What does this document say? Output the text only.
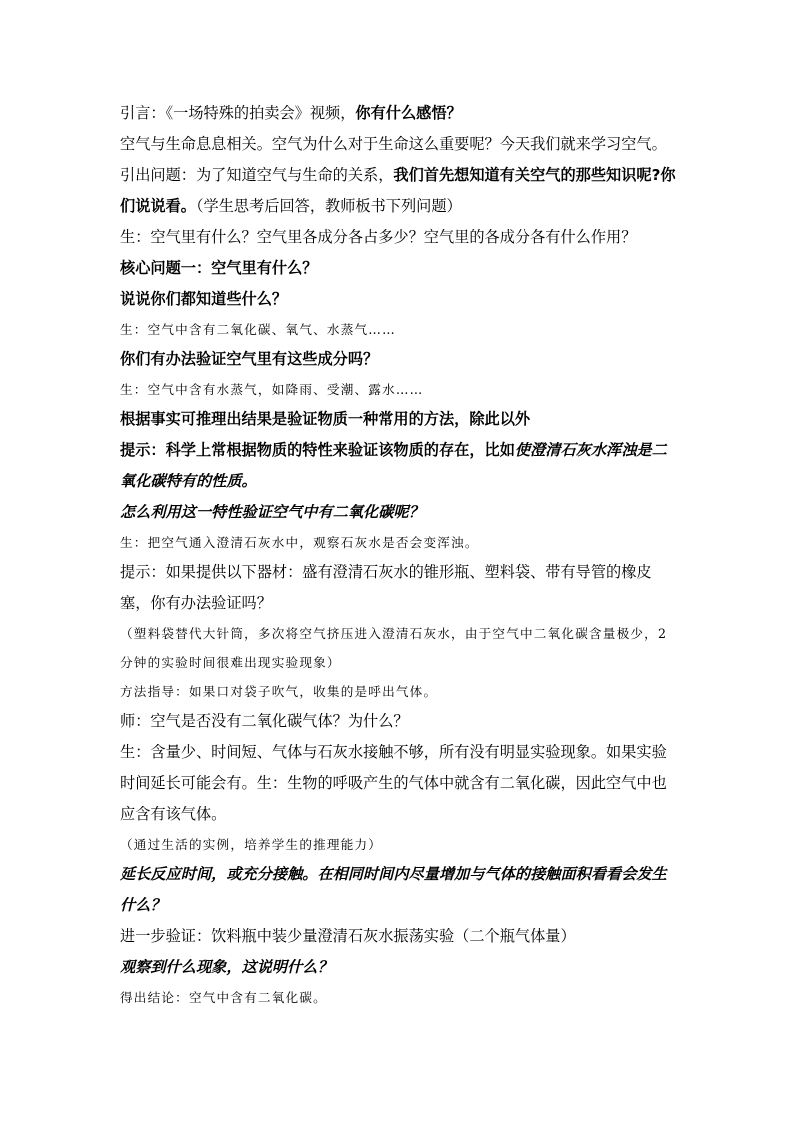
引言：《一场特殊的拍卖会》视频，你有什么感悟？

空气与生命息息相关。空气为什么对于生命这么重要呢？今天我们就来学习空气。

引出问题：为了知道空气与生命的关系，我们首先想知道有关空气的那些知识呢?你们说说看。（学生思考后回答，教师板书下列问题）

生：空气里有什么？空气里各成分各占多少？空气里的各成分各有什么作用？

核心问题一：空气里有什么？

说说你们都知道些什么？

生：空气中含有二氧化碳、氧气、水蒸气……

你们有办法验证空气里有这些成分吗？

生：空气中含有水蒸气，如降雨、受潮、露水……

根据事实可推理出结果是验证物质一种常用的方法，除此以外

提示：科学上常根据物质的特性来验证该物质的存在，比如使澄清石灰水浑浊是二氧化碳特有的性质。

怎么利用这一特性验证空气中有二氧化碳呢？

生：把空气通入澄清石灰水中，观察石灰水是否会变浑浊。

提示：如果提供以下器材：盛有澄清石灰水的锥形瓶、塑料袋、带有导管的橡皮塞，你有办法验证吗？

（塑料袋替代大针筒，多次将空气挤压进入澄清石灰水，由于空气中二氧化碳含量极少，2分钟的实验时间很难出现实验现象）

方法指导：如果口对袋子吹气，收集的是呼出气体。

师：空气是否没有二氧化碳气体？为什么？

生：含量少、时间短、气体与石灰水接触不够，所有没有明显实验现象。如果实验时间延长可能会有。生：生物的呼吸产生的气体中就含有二氧化碳，因此空气中也应含有该气体。

（通过生活的实例，培养学生的推理能力）

延长反应时间，或充分接触。在相同时间内尽量增加与气体的接触面积看看会发生什么？

进一步验证：饮料瓶中装少量澄清石灰水振荡实验（二个瓶气体量）

观察到什么现象，这说明什么？

得出结论：空气中含有二氧化碳。
